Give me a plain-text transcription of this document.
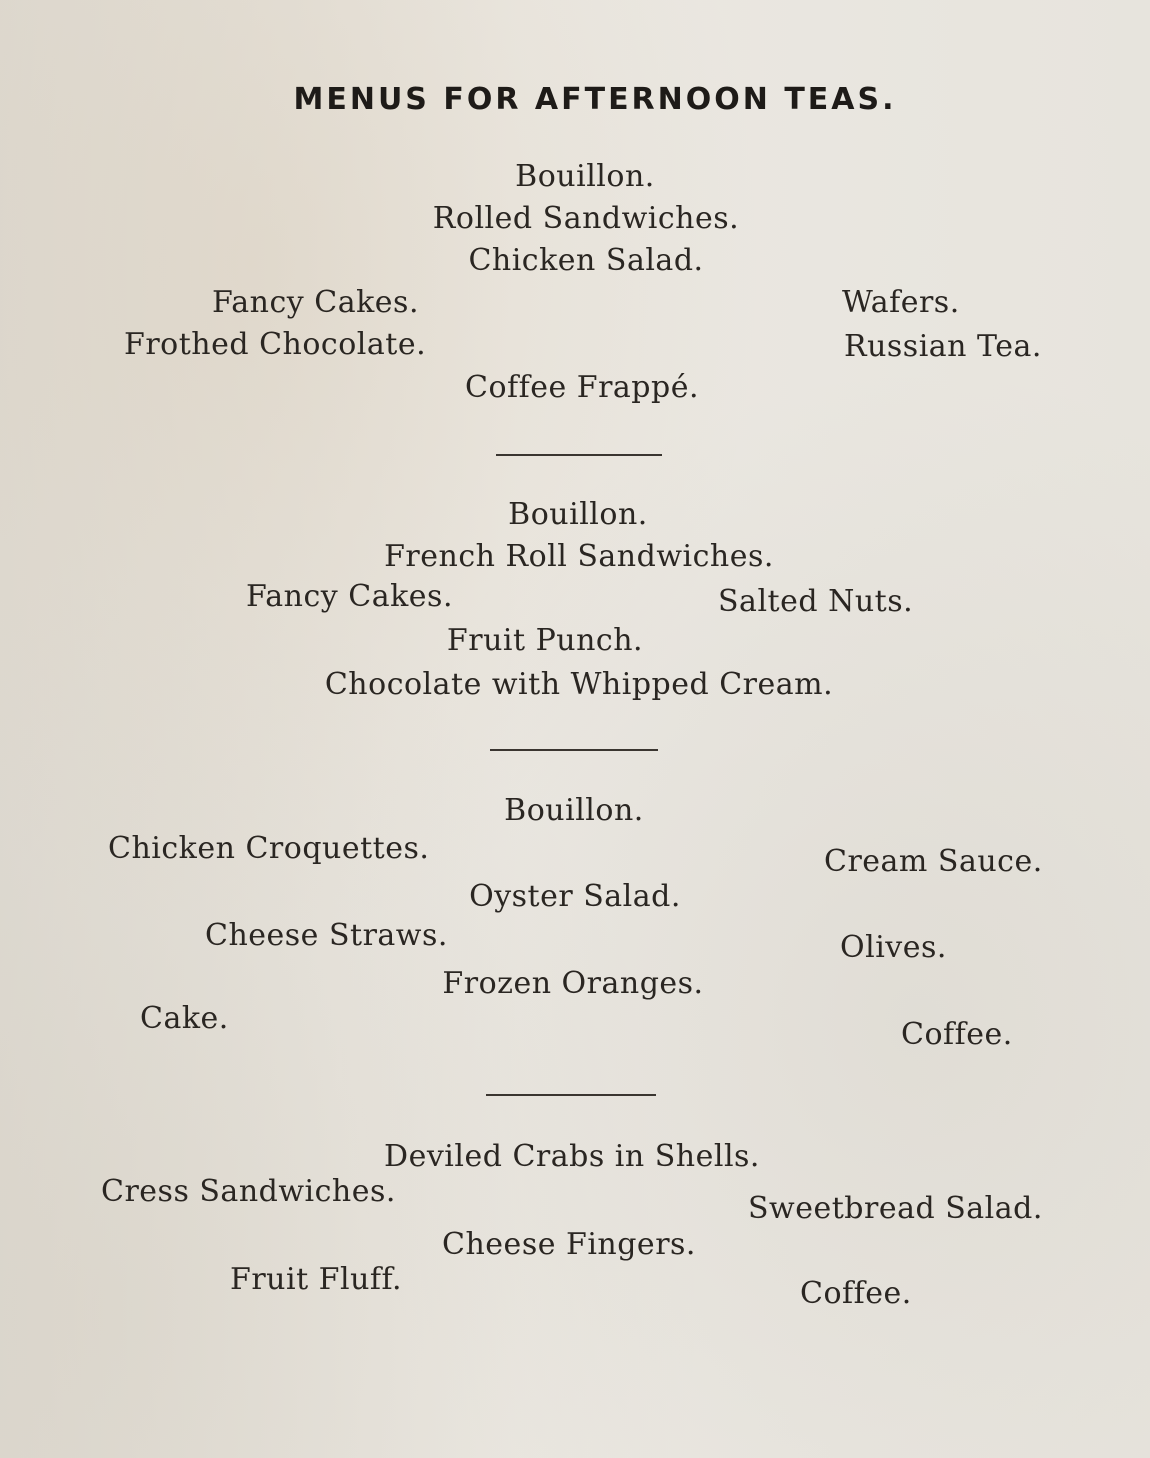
MENUS FOR AFTERNOON TEAS.
Bouillon.
Rolled Sandwiches.
Chicken Salad.
Fancy Cakes.	Wafers.
Frothed Chocolate.	Russian Tea.
Coffee Frappé.
Bouillon.
French Roll Sandwiches.
Fancy Cakes.	Salted Nuts.
Fruit Punch.
Chocolate with Whipped Cream.
Bouillon.
Chicken Croquettes.	Cream Sauce.
Oyster Salad.
Cheese Straws.	Olives.
Frozen Oranges.
Cake.	Coffee.
Deviled Crabs in Shells.
Cress Sandwiches.	Sweetbread Salad.
Cheese Fingers.
Fruit Fluff.	Coffee.
